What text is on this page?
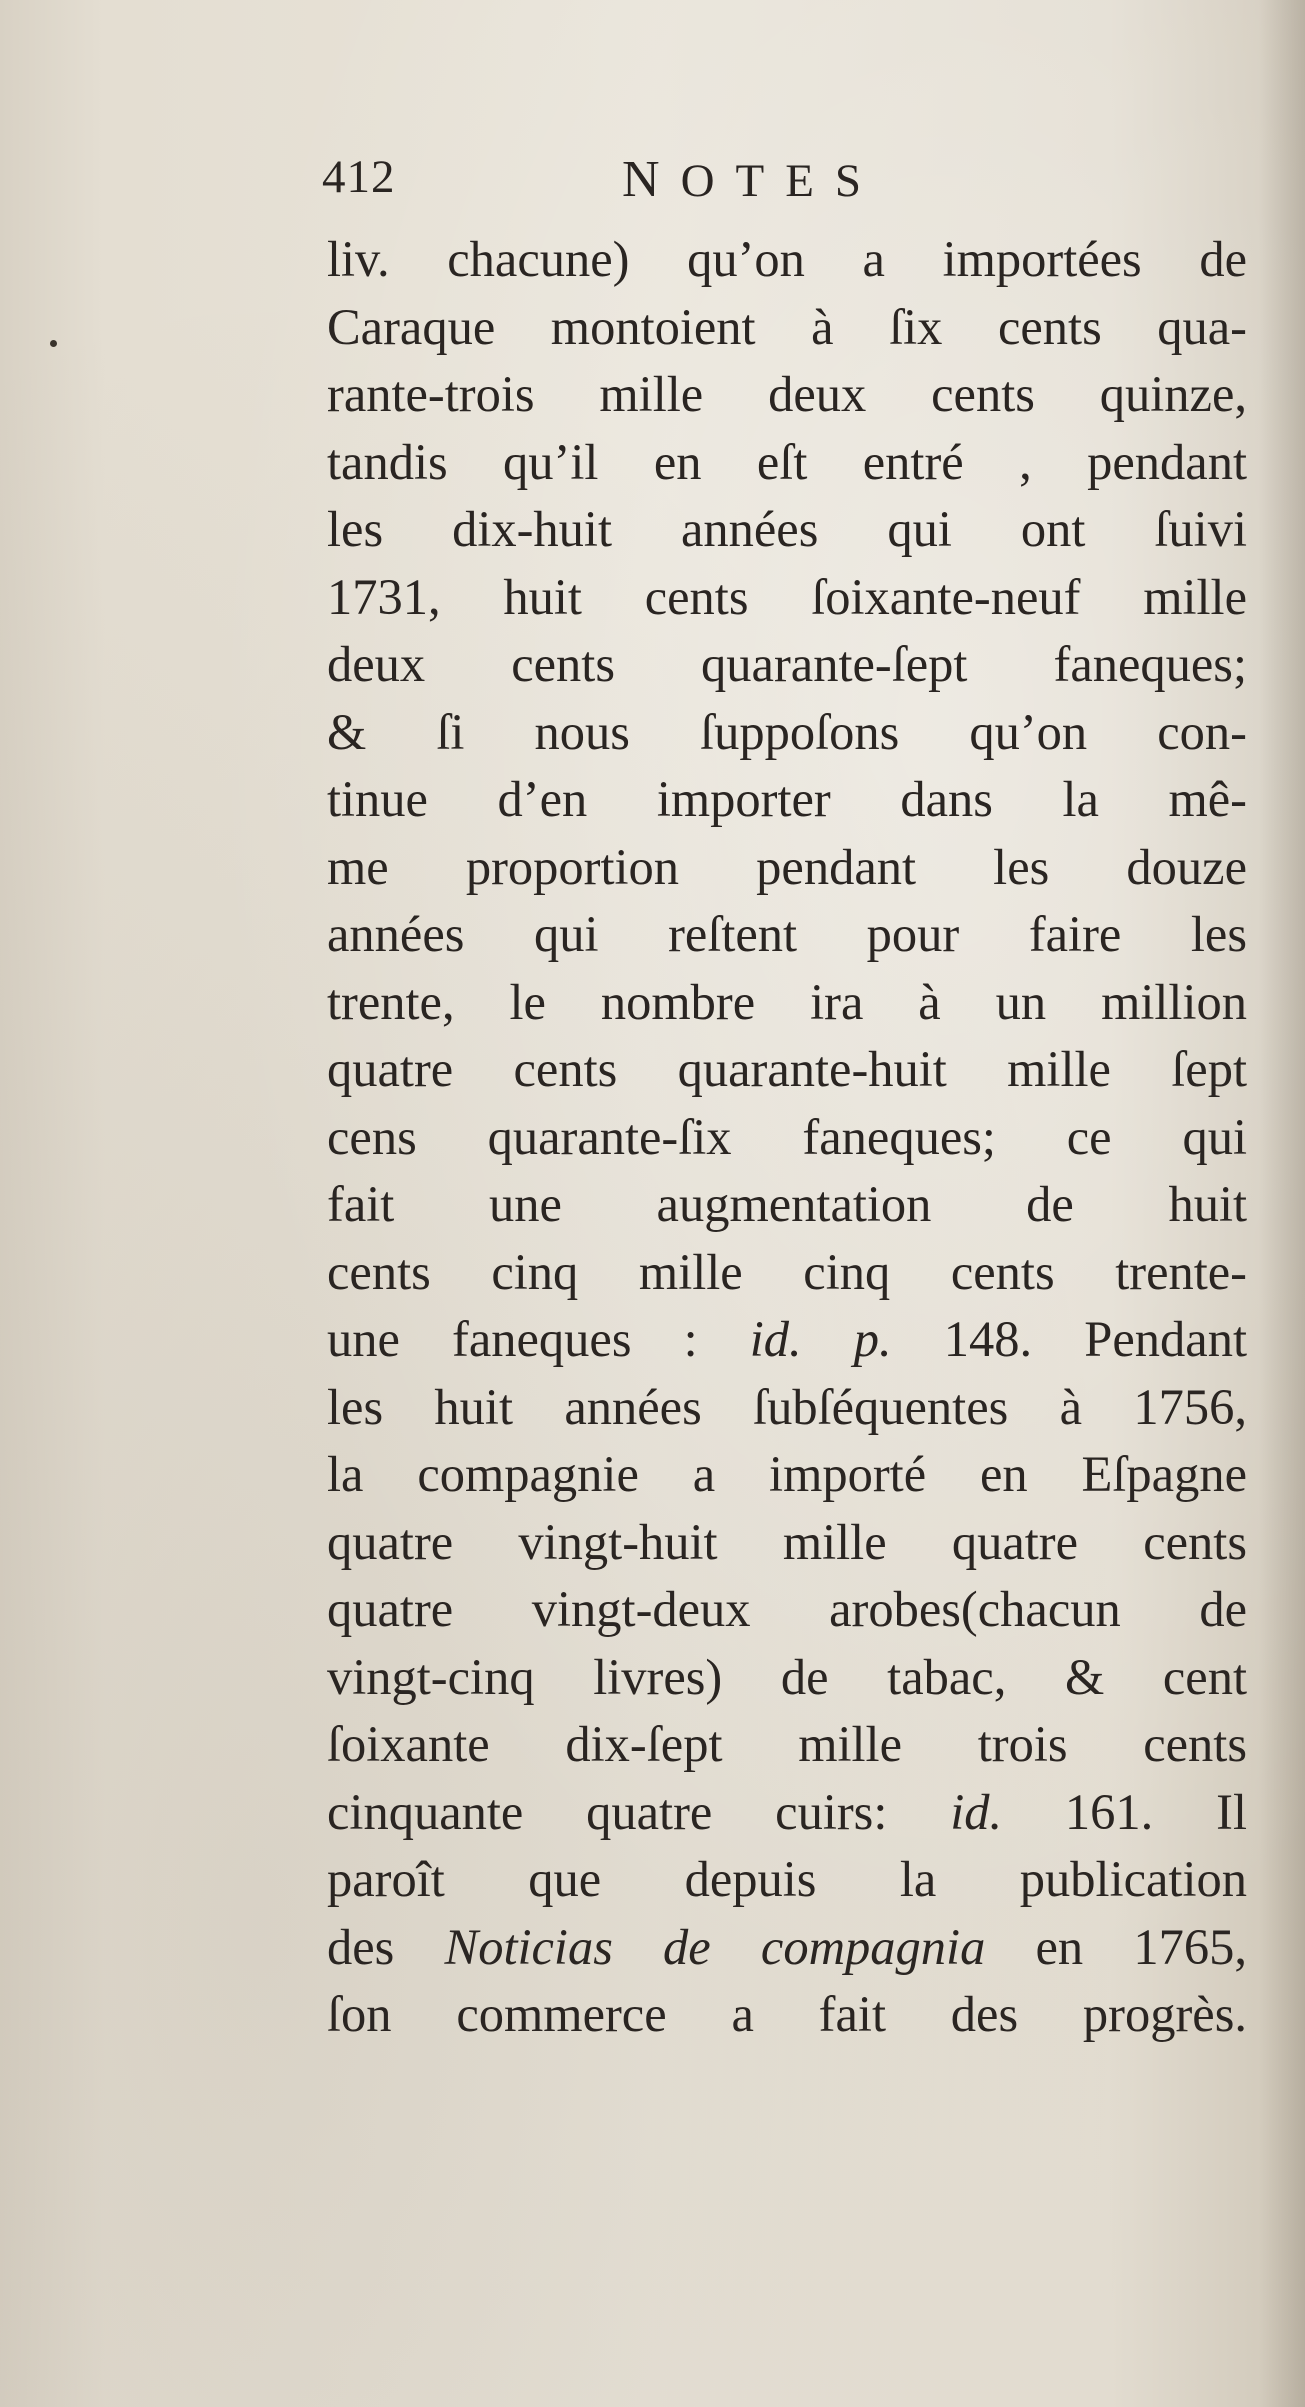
412	NOTES
liv. chacune) qu’on a importées de
Caraque montoient à ſix cents qua-
rante-trois mille deux cents quinze,
tandis qu’il en eſt entré , pendant
les dix-huit années qui ont ſuivi
1731, huit cents ſoixante-neuf mille
deux cents quarante-ſept faneques;
& ſi nous ſuppoſons qu’on con-
tinue d’en importer dans la mê-
me proportion pendant les douze
années qui reſtent pour faire les
trente, le nombre ira à un million
quatre cents quarante-huit mille ſept
cens quarante-ſix faneques; ce qui
fait une augmentation de huit
cents cinq mille cinq cents trente-
une faneques : id. p. 148. Pendant
les huit années ſubſéquentes à 1756,
la compagnie a importé en Eſpagne
quatre vingt-huit mille quatre cents
quatre vingt-deux arobes(chacun de
vingt-cinq livres) de tabac, & cent
ſoixante dix-ſept mille trois cents
cinquante quatre cuirs: id. 161. Il
paroît que depuis la publication
des Noticias de compagnia en 1765,
ſon commerce a fait des progrès.
